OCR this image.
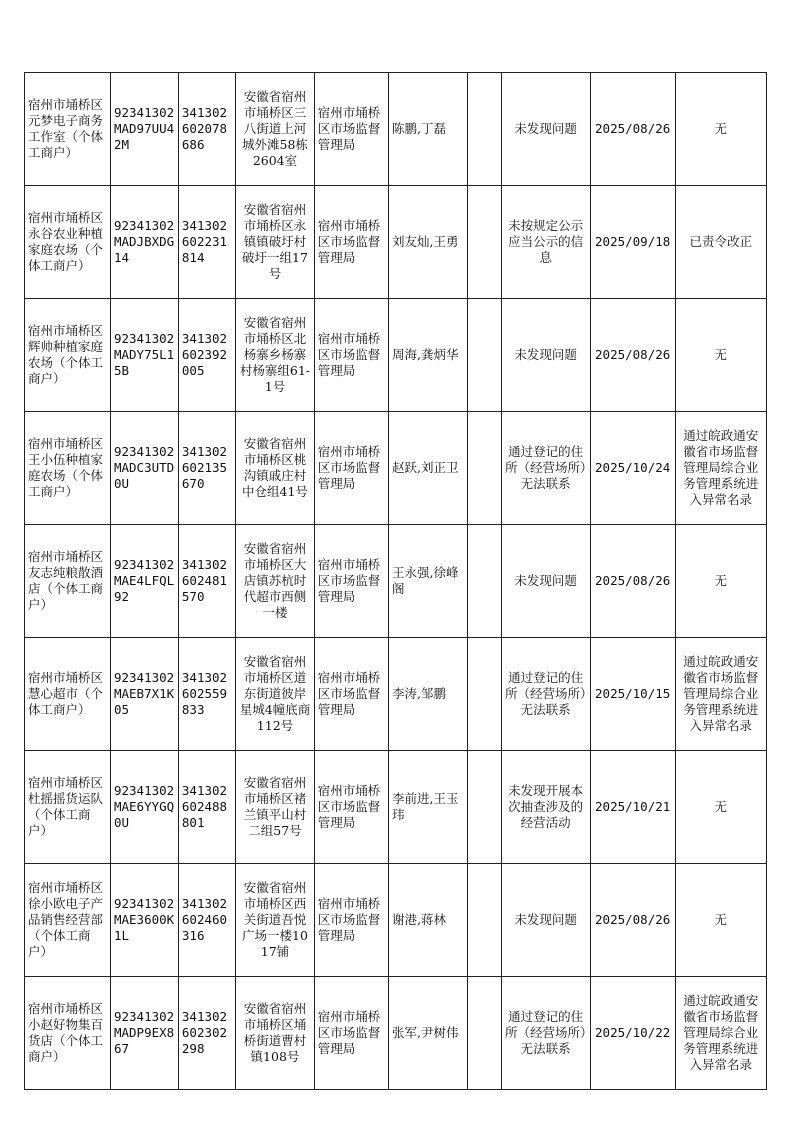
宿州市埇桥区元梦电子商务工作室（个体工商户）	92341302MAD97UU42M	341302602078686	安徽省宿州市埇桥区三八街道上河城外滩58栋2604室	宿州市埇桥区市场监督管理局	陈鹏,丁磊		未发现问题	2025/08/26	无
宿州市埇桥区永谷农业种植家庭农场（个体工商户）	92341302MADJBXDG14	341302602231814	安徽省宿州市埇桥区永镇镇破圩村破圩一组17号	宿州市埇桥区市场监督管理局	刘友灿,王勇		未按规定公示应当公示的信息	2025/09/18	已责令改正
宿州市埇桥区辉帅种植家庭农场（个体工商户）	92341302MADY75L15B	341302602392005	安徽省宿州市埇桥区北杨寨乡杨寨村杨寨组61-1号	宿州市埇桥区市场监督管理局	周海,龚炳华		未发现问题	2025/08/26	无
宿州市埇桥区王小伍种植家庭农场（个体工商户）	92341302MADC3UTD0U	341302602135670	安徽省宿州市埇桥区桃沟镇戚庄村中仓组41号	宿州市埇桥区市场监督管理局	赵跃,刘正卫		通过登记的住所（经营场所）无法联系	2025/10/24	通过皖政通安徽省市场监督管理局综合业务管理系统进入异常名录
宿州市埇桥区友志纯粮散酒店（个体工商户）	92341302MAE4LFQL92	341302602481570	安徽省宿州市埇桥区大店镇苏杭时代超市西侧一楼	宿州市埇桥区市场监督管理局	王永强,徐峰阁		未发现问题	2025/08/26	无
宿州市埇桥区慧心超市（个体工商户）	92341302MAEB7X1K05	341302602559833	安徽省宿州市埇桥区道东街道彼岸星城4幢底商112号	宿州市埇桥区市场监督管理局	李涛,邹鹏		通过登记的住所（经营场所）无法联系	2025/10/15	通过皖政通安徽省市场监督管理局综合业务管理系统进入异常名录
宿州市埇桥区杜摇摇货运队（个体工商户）	92341302MAE6YYGQ0U	341302602488801	安徽省宿州市埇桥区褚兰镇平山村二组57号	宿州市埇桥区市场监督管理局	李前进,王玉玮		未发现开展本次抽查涉及的经营活动	2025/10/21	无
宿州市埇桥区徐小欧电子产品销售经营部（个体工商户）	92341302MAE3600K1L	341302602460316	安徽省宿州市埇桥区西关街道吾悦广场一楼1017铺	宿州市埇桥区市场监督管理局	谢港,蒋林		未发现问题	2025/08/26	无
宿州市埇桥区小赵好物集百货店（个体工商户）	92341302MADP9EX867	341302602302298	安徽省宿州市埇桥区埇桥街道曹村镇108号	宿州市埇桥区市场监督管理局	张军,尹树伟		通过登记的住所（经营场所）无法联系	2025/10/22	通过皖政通安徽省市场监督管理局综合业务管理系统进入异常名录
